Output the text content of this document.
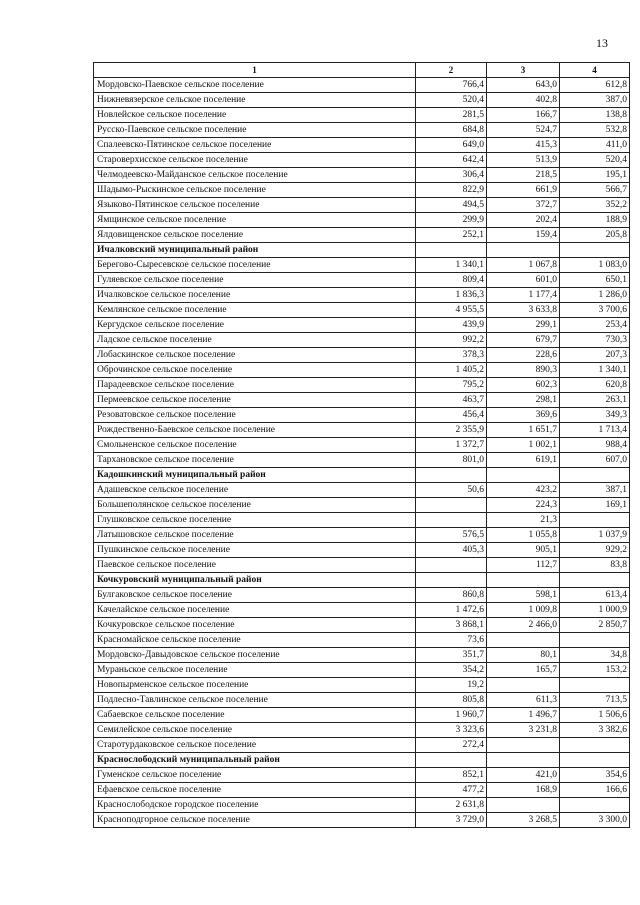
13
1	2	3	4
Мордовско-Паевское сельское поселение	766,4	643,0	612,8
Нижневязерское сельское поселение	520,4	402,8	387,0
Новлейское сельское поселение	281,5	166,7	138,8
Русско-Паевское сельское поселение	684,8	524,7	532,8
Спалеевско-Пятинское сельское поселение	649,0	415,3	411,0
Староверхисское сельское поселение	642,4	513,9	520,4
Челмодеевско-Майданское сельское поселение	306,4	218,5	195,1
Шадымо-Рыскинское сельское поселение	822,9	661,9	566,7
Языково-Пятинское сельское поселение	494,5	372,7	352,2
Ямщинское сельское поселение	299,9	202,4	188,9
Ялдовищенское сельское поселение	252,1	159,4	205,8
Ичалковский муниципальный район			
Берегово-Сыресевское сельское поселение	1 340,1	1 067,8	1 083,0
Гуляевское сельское поселение	809,4	601,0	650,1
Ичалковское сельское поселение	1 836,3	1 177,4	1 286,0
Кемлянское сельское поселение	4 955,5	3 633,8	3 700,6
Кергудское сельское поселение	439,9	299,1	253,4
Ладское сельское поселение	992,2	679,7	730,3
Лобаскинское сельское поселение	378,3	228,6	207,3
Оброчинское сельское поселение	1 405,2	890,3	1 340,1
Парадеевское сельское поселение	795,2	602,3	620,8
Пермеевское сельское поселение	463,7	298,1	263,1
Резоватовское сельское поселение	456,4	369,6	349,3
Рождественно-Баевское сельское поселение	2 355,9	1 651,7	1 713,4
Смольненское сельское поселение	1 372,7	1 002,1	988,4
Тархановское сельское поселение	801,0	619,1	607,0
Кадошкинский муниципальный район			
Адашевское сельское поселение	50,6	423,2	387,1
Большеполянское сельское поселение		224,3	169,1
Глушковское сельское поселение		21,3	
Латышовское сельское поселение	576,5	1 055,8	1 037,9
Пушкинское сельское поселение	405,3	905,1	929,2
Паевское сельское поселение		112,7	83,8
Кочкуровский муниципальный район			
Булгаковское сельское поселение	860,8	598,1	613,4
Качелайское сельское поселение	1 472,6	1 009,8	1 000,9
Кочкуровское сельское поселение	3 868,1	2 466,0	2 850,7
Красномайское сельское поселение	73,6		
Мордовско-Давыдовское сельское поселение	351,7	80,1	34,8
Мураньское сельское поселение	354,2	165,7	153,2
Новопырменское сельское поселение	19,2		
Подлесно-Тавлинское сельское поселение	805,8	611,3	713,5
Сабаевское сельское поселение	1 960,7	1 496,7	1 506,6
Семилейское сельское поселение	3 323,6	3 231,8	3 382,6
Старотурдаковское сельское поселение	272,4		
Краснослободский муниципальный район			
Гуменское сельское поселение	852,1	421,0	354,6
Ефаевское сельское поселение	477,2	168,9	166,6
Краснослободское городское поселение	2 631,8		
Красноподгорное сельское поселение	3 729,0	3 268,5	3 300,0
